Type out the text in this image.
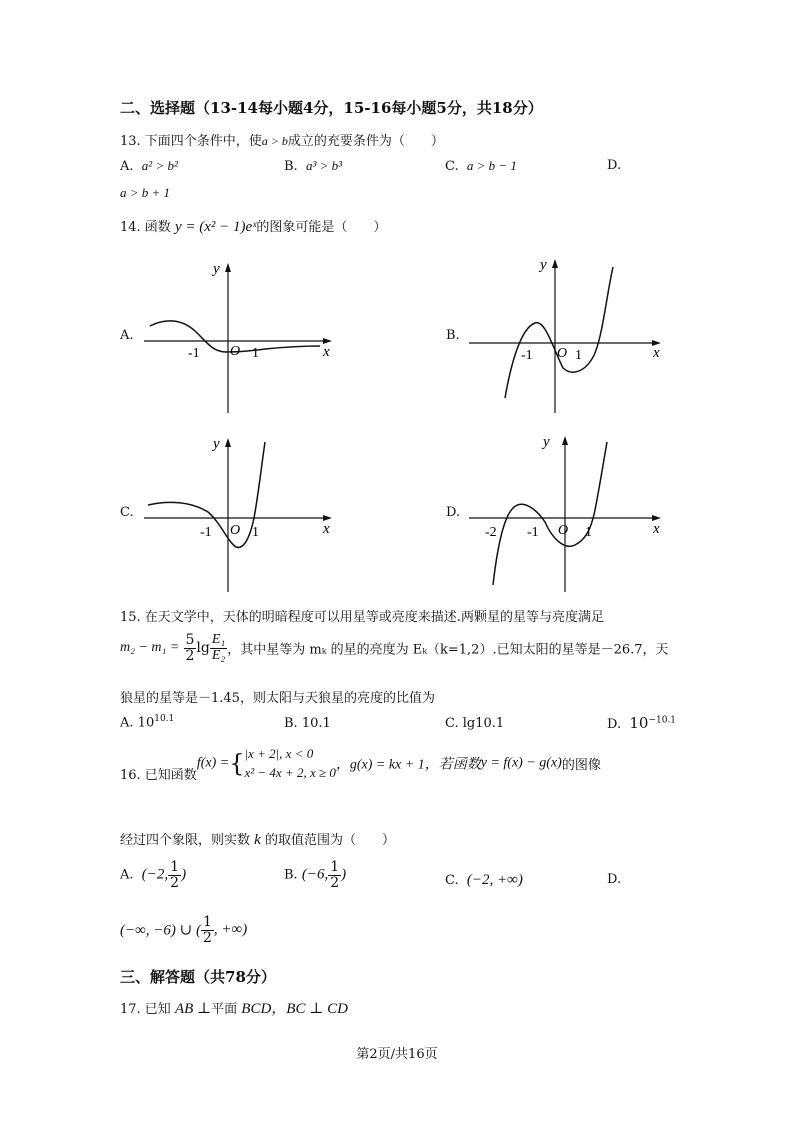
二、选择题（13-14每小题4分，15-16每小题5分，共18分）
13. 下面四个条件中，使a > b成立的充要条件为（　　）
A. a² > b²	B. a³ > b³	C. a > b − 1	D.
a > b + 1
14. 函数 y = (x² − 1)eˣ的图象可能是（　　）
A.
-1 O 1	x
y
B.
-1 O 1	x
y
C.
-1 O 1	x
y
D.
-2 -1 O 1	x
y
15. 在天文学中，天体的明暗程度可以用星等或亮度来描述.两颗星的星等与亮度满足
$m_2 - m_1 = \frac{5}{2}$ $\lg \frac{\text{E₁}}{\text{E₂}}$ ，其中星等为 mₖ 的星的亮度为 Eₖ（k=1,2）.已知太阳的星等是－26.7，天
狼星的星等是－1.45，则太阳与天狼星的亮度的比值为
A. $10^{10.1}$	B. 10.1	C. lg10.1	D. $10^{-10.1}$
16. 已知函数f(x) ={ |x + 2|, x < 0
x² − 4x + 2, x ≥ 0 ，g(x) = kx + 1，若函数y = f(x) − g(x)的图像
经过四个象限，则实数 k 的取值范围为（　　）
A. (−2, $\frac{1}{2}$ )	B. (−6, $\frac{1}{2}$ )	C. (−2, +∞)	D.
(−∞, −6) ∪ ( $\frac{1}{2}$ , +∞)
三、解答题（共78分）
17. 已知 AB ⊥平面 BCD，BC ⊥ CD
第2页/共16页
